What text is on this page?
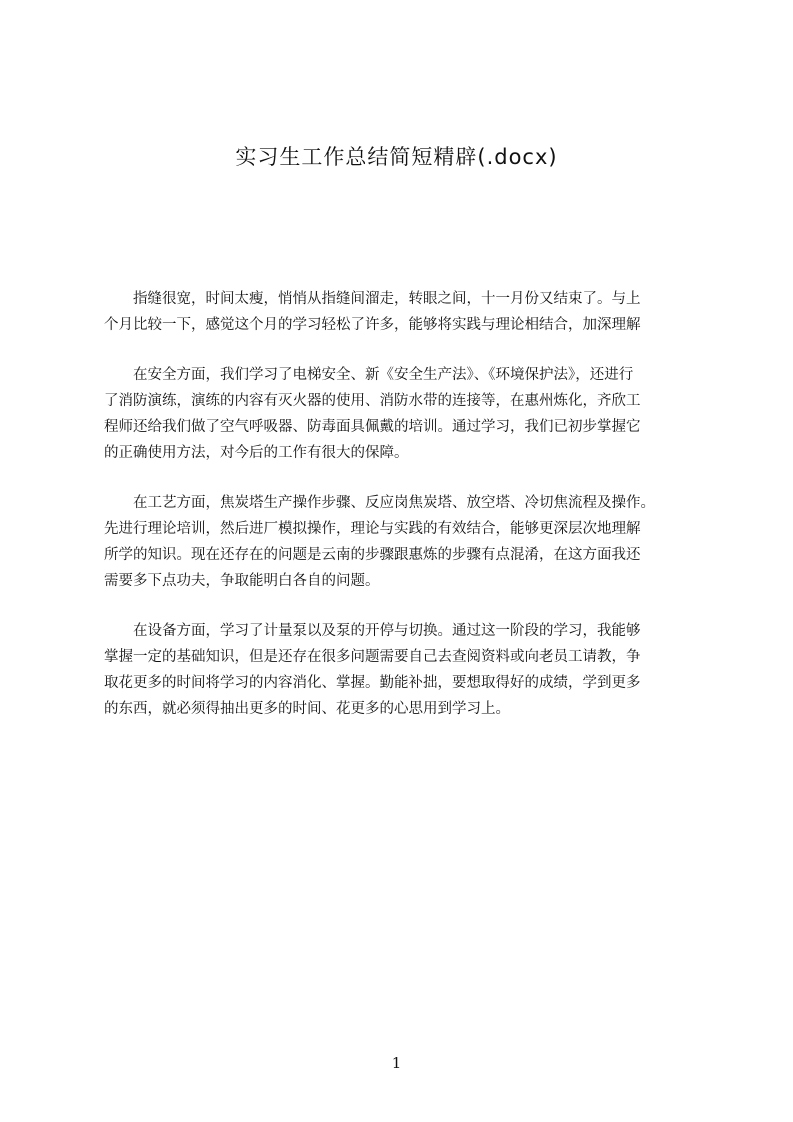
实习生工作总结简短精辟(.docx)

　　指缝很宽，时间太瘦，悄悄从指缝间溜走，转眼之间，十一月份又结束了。与上
个月比较一下，感觉这个月的学习轻松了许多，能够将实践与理论相结合，加深理解

　　在安全方面，我们学习了电梯安全、新《安全生产法》、《环境保护法》，还进行
了消防演练，演练的内容有灭火器的使用、消防水带的连接等，在惠州炼化，齐欣工
程师还给我们做了空气呼吸器、防毒面具佩戴的培训。通过学习，我们已初步掌握它
的正确使用方法，对今后的工作有很大的保障。

　　在工艺方面，焦炭塔生产操作步骤、反应岗焦炭塔、放空塔、冷切焦流程及操作。
先进行理论培训，然后进厂模拟操作，理论与实践的有效结合，能够更深层次地理解
所学的知识。现在还存在的问题是云南的步骤跟惠炼的步骤有点混淆，在这方面我还
需要多下点功夫，争取能明白各自的问题。

　　在设备方面，学习了计量泵以及泵的开停与切换。通过这一阶段的学习，我能够
掌握一定的基础知识，但是还存在很多问题需要自己去查阅资料或向老员工请教，争
取花更多的时间将学习的内容消化、掌握。勤能补拙，要想取得好的成绩，学到更多
的东西，就必须得抽出更多的时间、花更多的心思用到学习上。

1
